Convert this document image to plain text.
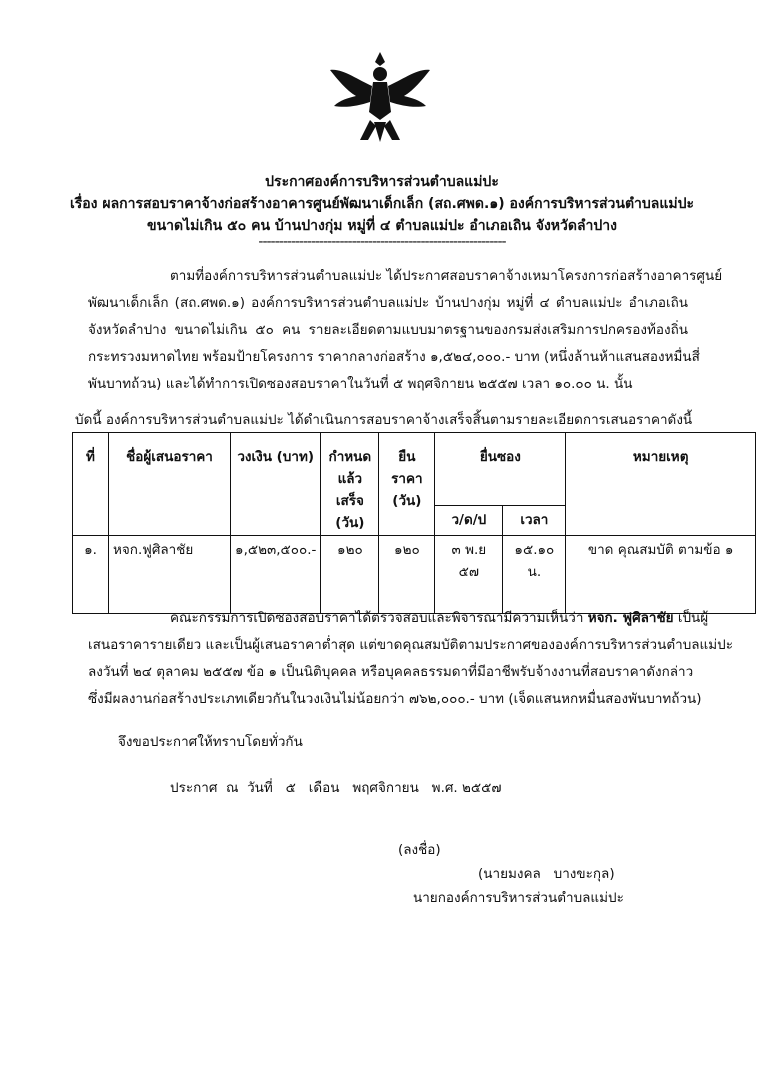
ประกาศองค์การบริหารส่วนตำบลแม่ปะ
เรื่อง ผลการสอบราคาจ้างก่อสร้างอาคารศูนย์พัฒนาเด็กเล็ก (สถ.ศพด.๑) องค์การบริหารส่วนตำบลแม่ปะ
ขนาดไม่เกิน ๕๐ คน บ้านปางกุ่ม หมู่ที่ ๔ ตำบลแม่ปะ อำเภอเถิน จังหวัดลำปาง
-------------------------------------------------------------
ตามที่องค์การบริหารส่วนตำบลแม่ปะ ได้ประกาศสอบราคาจ้างเหมาโครงการก่อสร้างอาคารศูนย์
พัฒนาเด็กเล็ก (สถ.ศพด.๑) องค์การบริหารส่วนตำบลแม่ปะ บ้านปางกุ่ม หมู่ที่ ๔ ตำบลแม่ปะ อำเภอเถิน
จังหวัดลำปาง ขนาดไม่เกิน ๕๐ คน รายละเอียดตามแบบมาตรฐานของกรมส่งเสริมการปกครองท้องถิ่น
กระทรวงมหาดไทย พร้อมป้ายโครงการ ราคากลางก่อสร้าง ๑,๕๒๔,๐๐๐.- บาท (หนึ่งล้านห้าแสนสองหมื่นสี่
พันบาทถ้วน) และได้ทำการเปิดซองสอบราคาในวันที่ ๕ พฤศจิกายน ๒๕๕๗ เวลา ๑๐.๐๐ น. นั้น
บัดนี้ องค์การบริหารส่วนตำบลแม่ปะ ได้ดำเนินการสอบราคาจ้างเสร็จสิ้นตามรายละเอียดการเสนอราคาดังนี้
ที่	ชื่อผู้เสนอราคา	วงเงิน (บาท)	กำหนด แล้วเสร็จ (วัน)	ยืนราคา (วัน)	ยื่นซอง		หมายเหตุ
					ว/ด/ป	เวลา	
๑.	หจก.ฟูศิลาชัย	๑,๕๒๓,๕๐๐.-	๑๒๐	๑๒๐	๓ พ.ย ๕๗	๑๕.๑๐ น.	ขาด คุณสมบัติ ตามข้อ ๑
คณะกรรมการเปิดซองสอบราคาได้ตรวจสอบและพิจารณามีความเห็นว่า หจก. ฟูศิลาชัย เป็นผู้
เสนอราคารายเดียว และเป็นผู้เสนอราคาต่ำสุด แต่ขาดคุณสมบัติตามประกาศขององค์การบริหารส่วนตำบลแม่ปะ
ลงวันที่ ๒๔ ตุลาคม ๒๕๕๗ ข้อ ๑ เป็นนิติบุคคล หรือบุคคลธรรมดาที่มีอาชีพรับจ้างงานที่สอบราคาดังกล่าว
ซึ่งมีผลงานก่อสร้างประเภทเดียวกันในวงเงินไม่น้อยกว่า ๗๖๒,๐๐๐.- บาท (เจ็ดแสนหกหมื่นสองพันบาทถ้วน)
จึงขอประกาศให้ทราบโดยทั่วกัน
ประกาศ  ณ  วันที่   ๕   เดือน   พฤศจิกายน   พ.ศ. ๒๕๕๗
(ลงชื่อ)
(นายมงคล   บางขะกุล)
นายกองค์การบริหารส่วนตำบลแม่ปะ
